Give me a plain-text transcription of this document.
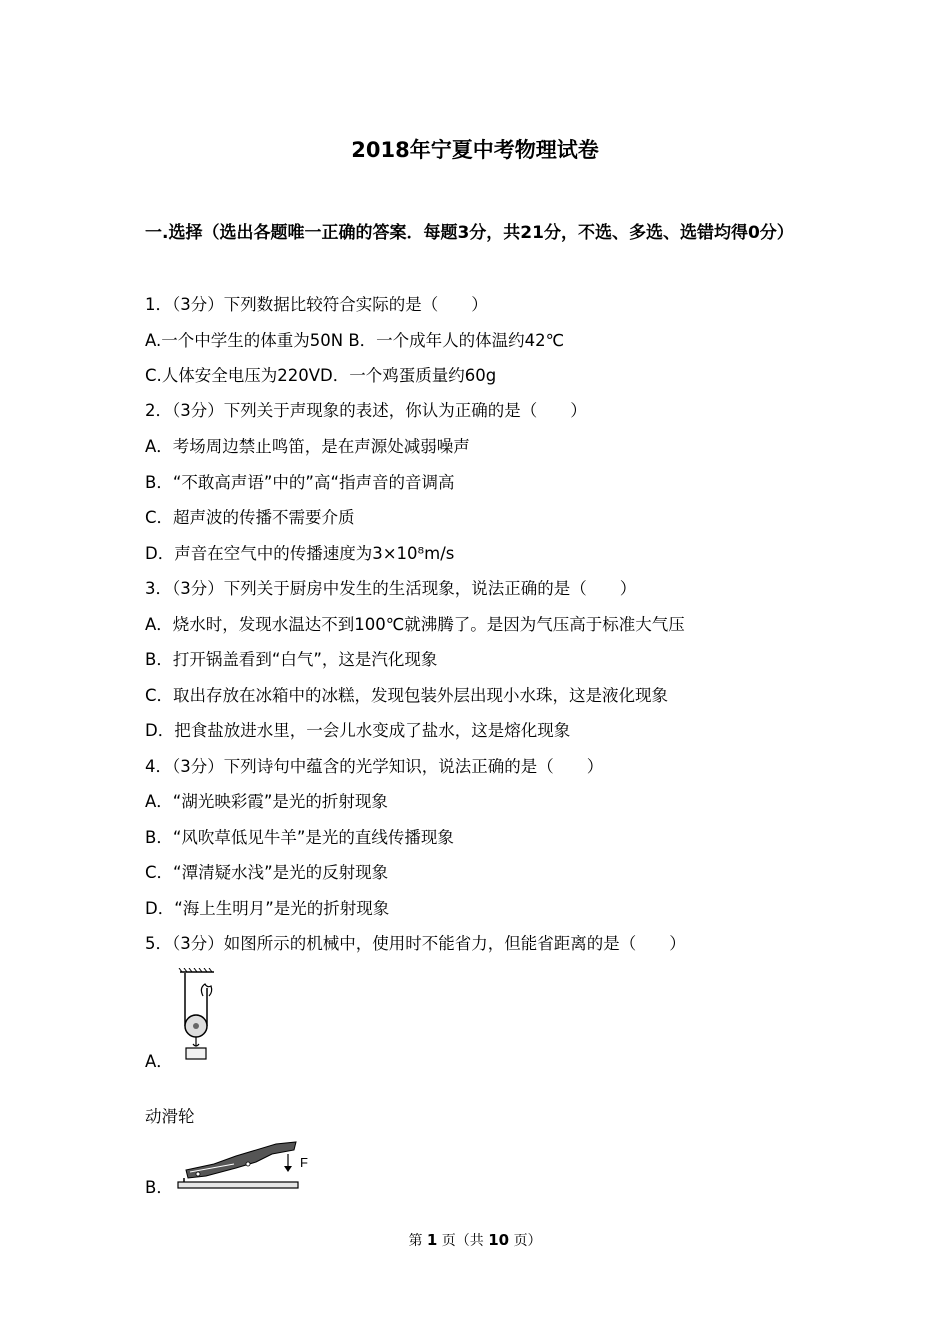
2018年宁夏中考物理试卷
一.选择（选出各题唯一正确的答案．每题3分，共21分，不选、多选、选错均得0分）
1．（3分）下列数据比较符合实际的是（　　）
A.一个中学生的体重为50N B．一个成年人的体温约42℃
C.人体安全电压为220VD．一个鸡蛋质量约60g
2．（3分）下列关于声现象的表述，你认为正确的是（　　）
A．考场周边禁止鸣笛，是在声源处减弱噪声
B．“不敢高声语”中的”高“指声音的音调高
C．超声波的传播不需要介质
D．声音在空气中的传播速度为3×10⁸m/s
3．（3分）下列关于厨房中发生的生活现象，说法正确的是（　　）
A．烧水时，发现水温达不到100℃就沸腾了。是因为气压高于标准大气压
B．打开锅盖看到“白气”，这是汽化现象
C．取出存放在冰箱中的冰糕，发现包装外层出现小水珠，这是液化现象
D．把食盐放进水里，一会儿水变成了盐水，这是熔化现象
4．（3分）下列诗句中蕴含的光学知识，说法正确的是（　　）
A．“湖光映彩霞”是光的折射现象
B．“风吹草低见牛羊”是光的直线传播现象
C．“潭清疑水浅”是光的反射现象
D．“海上生明月”是光的折射现象
5．（3分）如图所示的机械中，使用时不能省力，但能省距离的是（　　）
A．
动滑轮
F
B．
第 1 页（共 10 页）
